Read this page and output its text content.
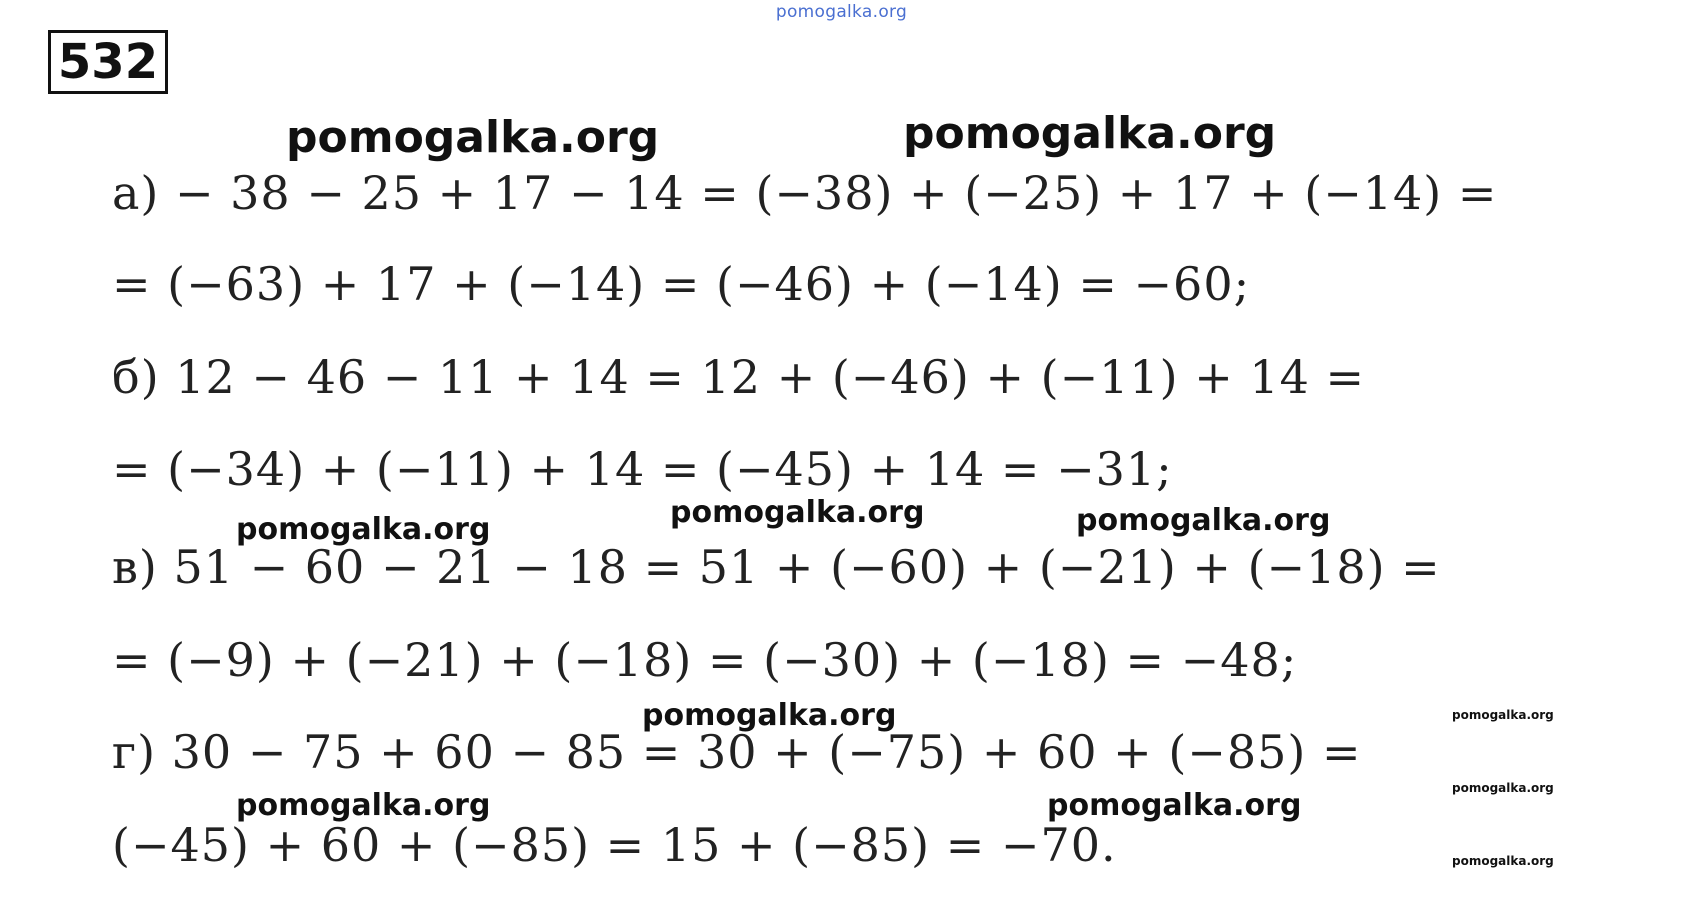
pomogalka.org
532
pomogalka.org	pomogalka.org
а) − 38 − 25 + 17 − 14 = (−38) + (−25) + 17 + (−14) =
= (−63) + 17 + (−14) = (−46) + (−14) = −60;
б) 12 − 46 − 11 + 14 = 12 + (−46) + (−11) + 14 =
= (−34) + (−11) + 14 = (−45) + 14 = −31;
в) 51 − 60 − 21 − 18 = 51 + (−60) + (−21) + (−18) =
= (−9) + (−21) + (−18) = (−30) + (−18) = −48;
г) 30 − 75 + 60 − 85 = 30 + (−75) + 60 + (−85) =
(−45) + 60 + (−85) = 15 + (−85) = −70.
pomogalka.org	pomogalka.org	pomogalka.org
pomogalka.org
pomogalka.org	pomogalka.org
pomogalka.org
pomogalka.org
pomogalka.org
